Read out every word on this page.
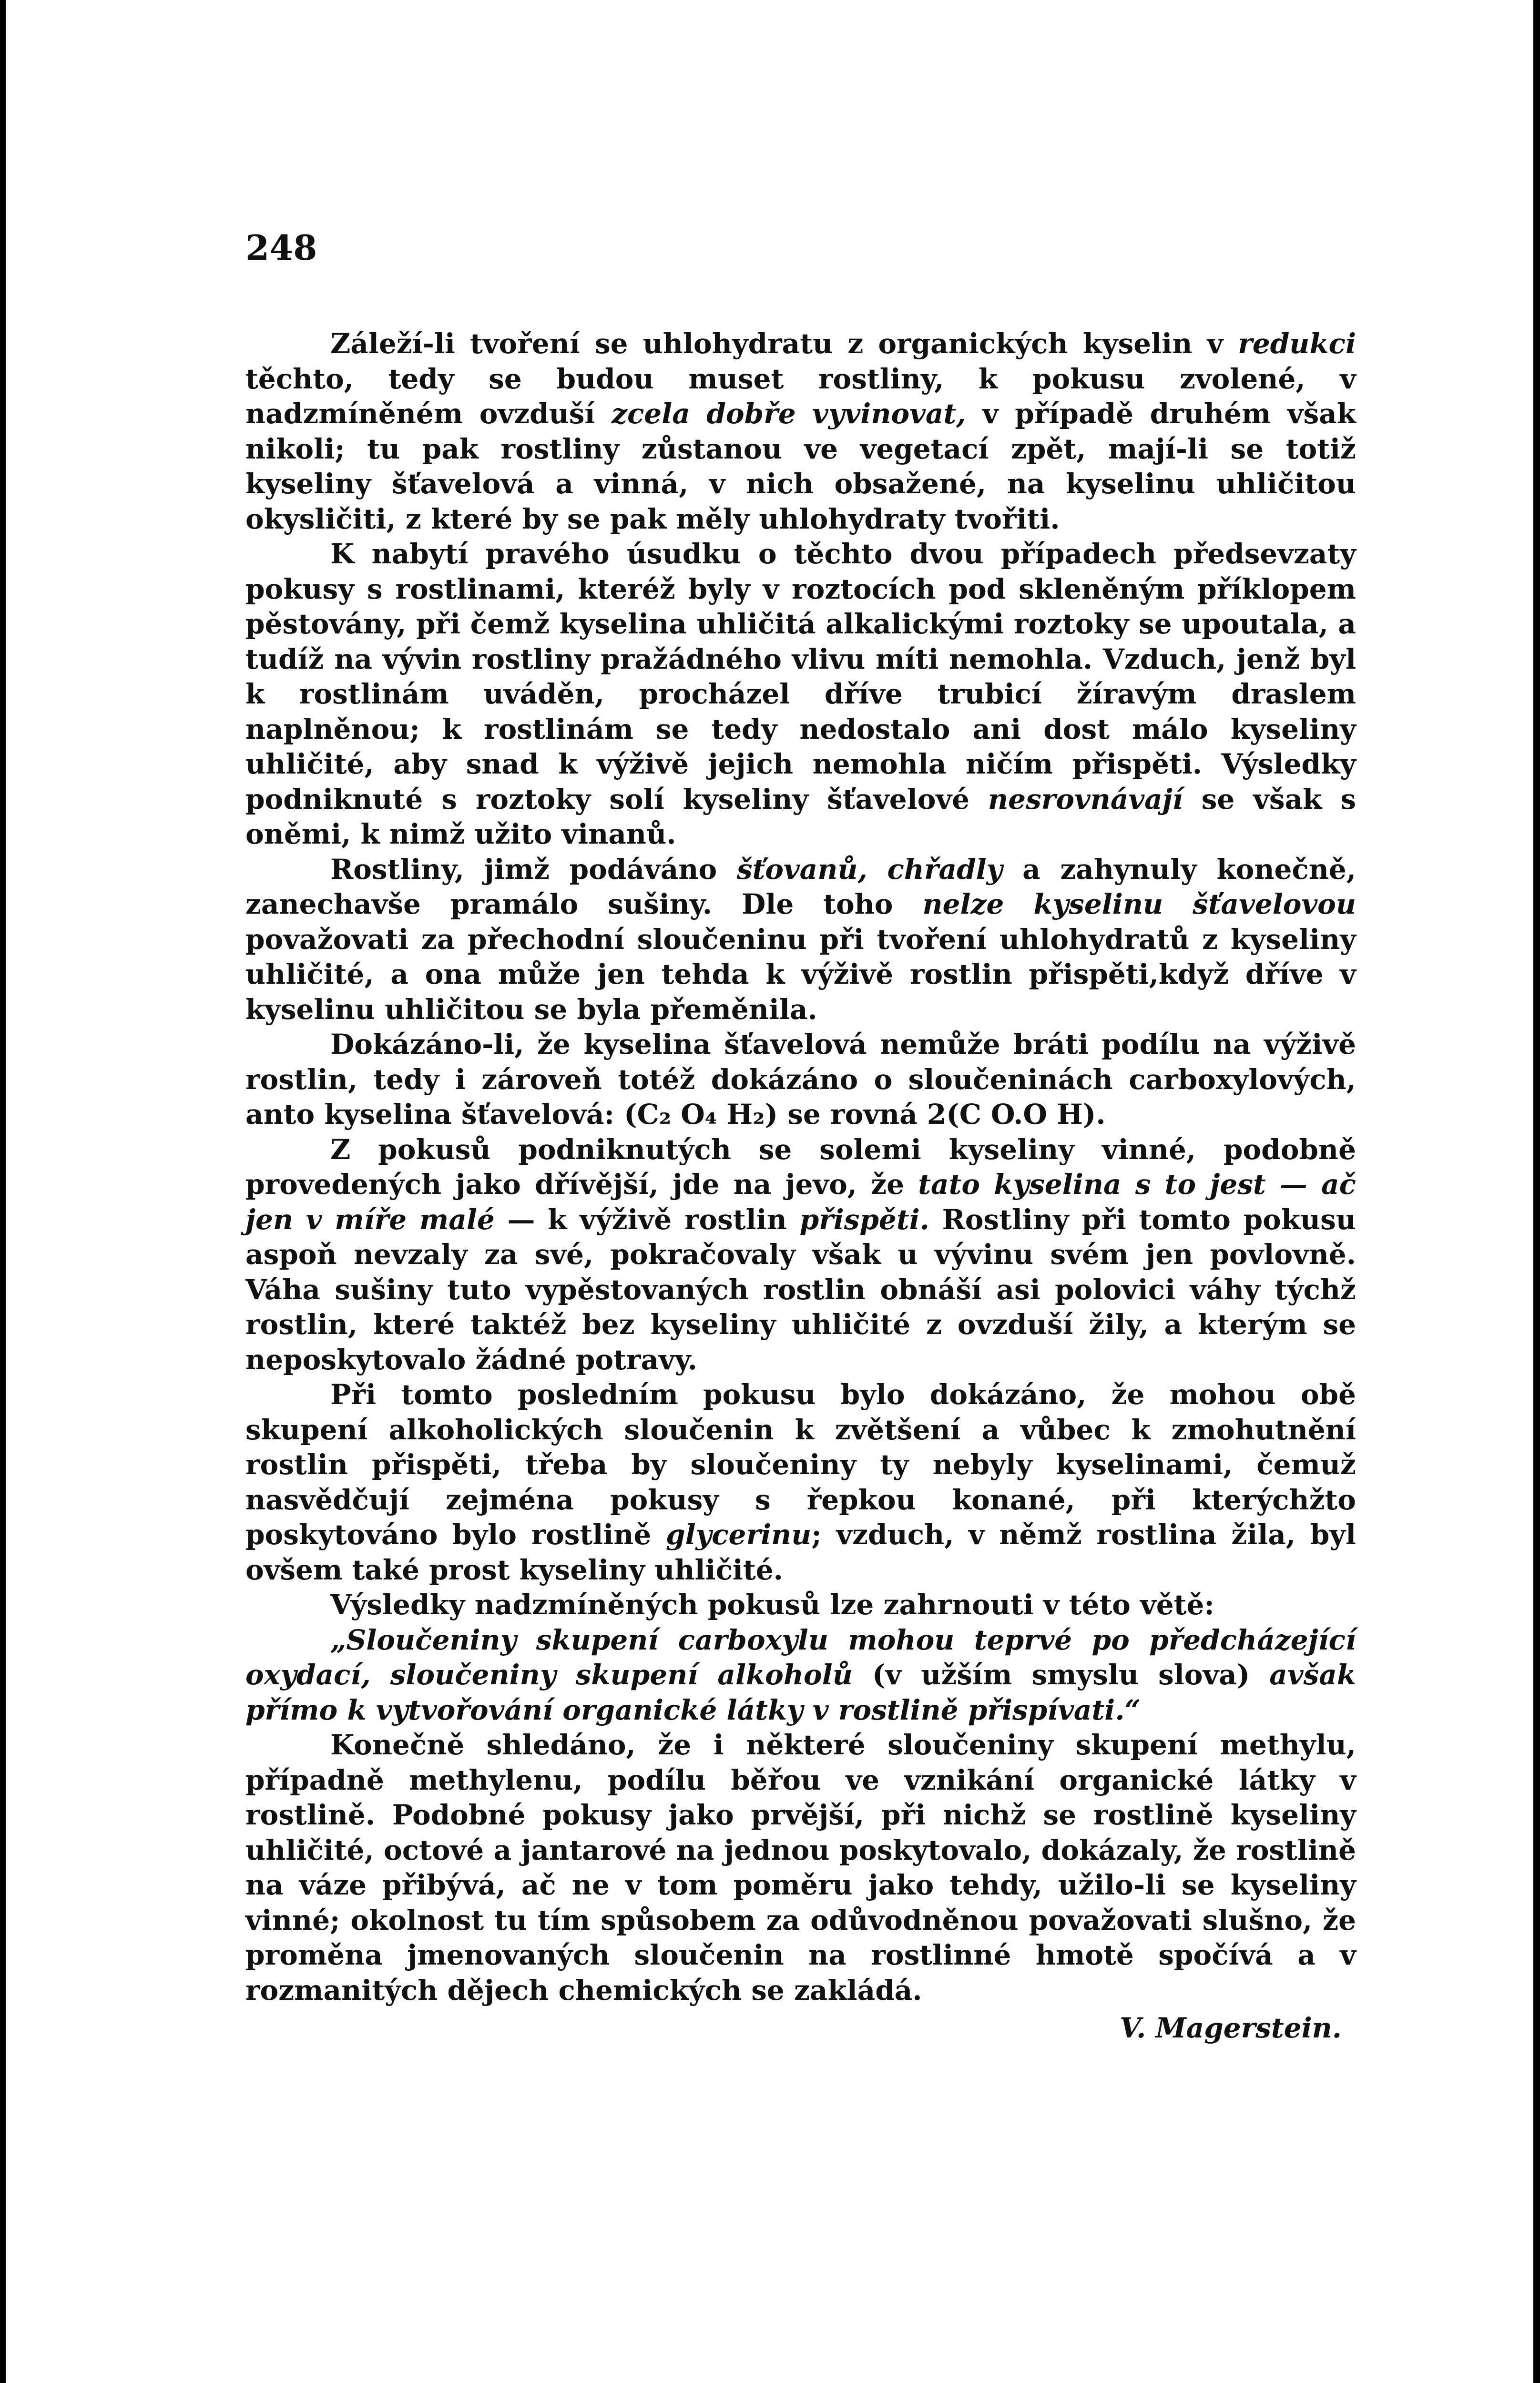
248

Záleží-li tvoření se uhlohydratu z organických kyselin v redukci těchto, tedy se budou muset rostliny, k pokusu zvolené, v nadzmíněném ovzduší zcela dobře vyvinovat, v případě druhém však nikoli; tu pak rostliny zůstanou ve vegetací zpět, mají-li se totiž kyseliny šťavelová a vinná, v nich obsažené, na kyselinu uhličitou okysličiti, z které by se pak měly uhlohydraty tvořiti.

K nabytí pravého úsudku o těchto dvou případech předsevzaty pokusy s rostlinami, kteréž byly v roztocích pod skleněným příklopem pěstovány, při čemž kyselina uhličitá alkalickými roztoky se upoutala, a tudíž na vývin rostliny pražádného vlivu míti nemohla. Vzduch, jenž byl k rostlinám uváděn, procházel dříve trubicí žíravým draslem naplněnou; k rostlinám se tedy nedostalo ani dost málo kyseliny uhličité, aby snad k výživě jejich nemohla ničím přispěti. Výsledky podniknuté s roztoky solí kyseliny šťavelové nesrovnávají se však s oněmi, k nimž užito vinanů.

Rostliny, jimž podáváno šťovanů, chřadly a zahynuly konečně, zanechavše pramálo sušiny. Dle toho nelze kyselinu šťavelovou považovati za přechodní sloučeninu při tvoření uhlohydratů z kyseliny uhličité, a ona může jen tehda k výživě rostlin přispěti,když dříve v kyselinu uhličitou se byla přeměnila.

Dokázáno-li, že kyselina šťavelová nemůže bráti podílu na výživě rostlin, tedy i zároveň totéž dokázáno o sloučeninách carboxylových, anto kyselina šťavelová: (C₂ O₄ H₂) se rovná 2(C O.O H).

Z pokusů podniknutých se solemi kyseliny vinné, podobně provedených jako dřívější, jde na jevo, že tato kyselina s to jest — ač jen v míře malé — k výživě rostlin přispěti. Rostliny při tomto pokusu aspoň nevzaly za své, pokračovaly však u vývinu svém jen povlovně. Váha sušiny tuto vypěstovaných rostlin obnáší asi polovici váhy týchž rostlin, které taktéž bez kyseliny uhličité z ovzduší žily, a kterým se neposkytovalo žádné potravy.

Při tomto posledním pokusu bylo dokázáno, že mohou obě skupení alkoholických sloučenin k zvětšení a vůbec k zmohutnění rostlin přispěti, třeba by sloučeniny ty nebyly kyselinami, čemuž nasvědčují zejména pokusy s řepkou konané, při kterýchžto poskytováno bylo rostlině glycerinu; vzduch, v němž rostlina žila, byl ovšem také prost kyseliny uhličité.

Výsledky nadzmíněných pokusů lze zahrnouti v této větě:

„Sloučeniny skupení carboxylu mohou teprvé po předcházející oxydací, sloučeniny skupení alkoholů (v užším smyslu slova) avšak přímo k vytvořování organické látky v rostlině přispívati.“

Konečně shledáno, že i některé sloučeniny skupení methylu, případně methylenu, podílu běřou ve vznikání organické látky v rostlině. Podobné pokusy jako prvější, při nichž se rostlině kyseliny uhličité, octové a jantarové na jednou poskytovalo, dokázaly, že rostlině na váze přibývá, ač ne v tom poměru jako tehdy, užilo-li se kyseliny vinné; okolnost tu tím spůsobem za odůvodněnou považovati slušno, že proměna jmenovaných sloučenin na rostlinné hmotě spočívá a v rozmanitých dějech chemických se zakládá.

V. Magerstein.
